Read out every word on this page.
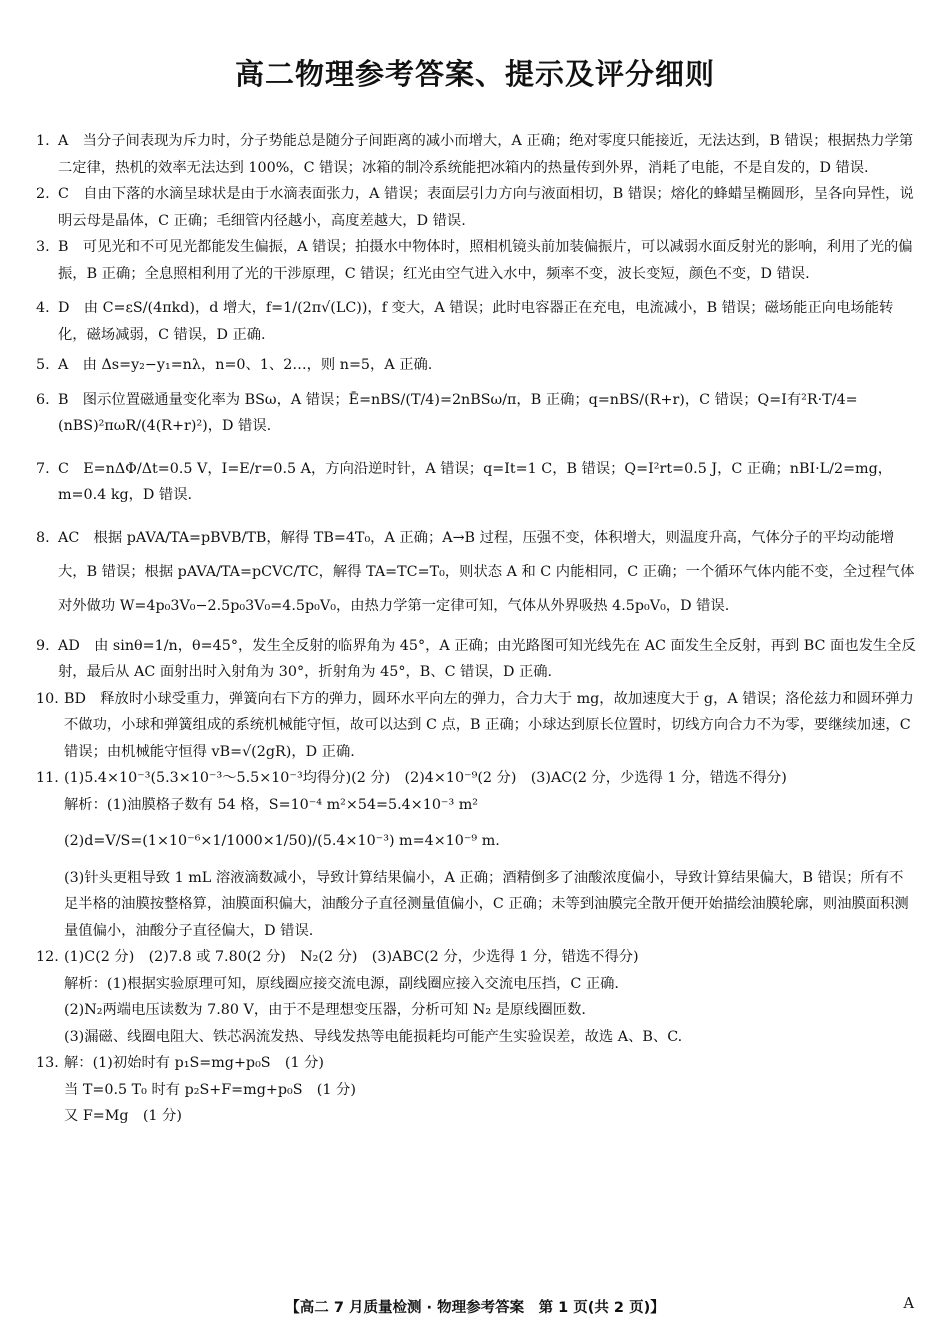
高二物理参考答案、提示及评分细则
1. A　当分子间表现为斥力时，分子势能总是随分子间距离的减小而增大，A 正确；绝对零度只能接近，无法达到，B 错误；根据热力学第二定律，热机的效率无法达到 100%，C 错误；冰箱的制冷系统能把冰箱内的热量传到外界，消耗了电能，不是自发的，D 错误.
2. C　自由下落的水滴呈球状是由于水滴表面张力，A 错误；表面层引力方向与液面相切，B 错误；熔化的蜂蜡呈椭圆形，呈各向异性，说明云母是晶体，C 正确；毛细管内径越小，高度差越大，D 错误.
3. B　可见光和不可见光都能发生偏振，A 错误；拍摄水中物体时，照相机镜头前加装偏振片，可以减弱水面反射光的影响，利用了光的偏振，B 正确；全息照相利用了光的干涉原理，C 错误；红光由空气进入水中，频率不变，波长变短，颜色不变，D 错误.
4. D　由 C=εS/(4πkd)，d 增大，f=1/(2π√(LC))，f 变大，A 错误；此时电容器正在充电，电流减小，B 错误；磁场能正向电场能转化，磁场减弱，C 错误，D 正确.
5. A　由 Δs=y₂−y₁=nλ，n=0、1、2…，则 n=5，A 正确.
6. B　图示位置磁通量变化率为 BSω，A 错误；Ē=nBS/(T/4)=2nBSω/π，B 正确；q=nBS/(R+r)，C 错误；Q=I有²R·T/4=(nBS)²πωR/(4(R+r)²)，D 错误.
7. C　E=nΔΦ/Δt=0.5 V，I=E/r=0.5 A，方向沿逆时针，A 错误；q=It=1 C，B 错误；Q=I²rt=0.5 J，C 正确；nBI·L/2=mg，m=0.4 kg，D 错误.
8. AC　根据 pAVA/TA=pBVB/TB，解得 TB=4T₀，A 正确；A→B 过程，压强不变，体积增大，则温度升高，气体分子的平均动能增大，B 错误；根据 pAVA/TA=pCVC/TC，解得 TA=TC=T₀，则状态 A 和 C 内能相同，C 正确；一个循环气体内能不变，全过程气体对外做功 W=4p₀3V₀−2.5p₀3V₀=4.5p₀V₀，由热力学第一定律可知，气体从外界吸热 4.5p₀V₀，D 错误.
9. AD　由 sinθ=1/n，θ=45°，发生全反射的临界角为 45°，A 正确；由光路图可知光线先在 AC 面发生全反射，再到 BC 面也发生全反射，最后从 AC 面射出时入射角为 30°，折射角为 45°，B、C 错误，D 正确.
10. BD　释放时小球受重力，弹簧向右下方的弹力，圆环水平向左的弹力，合力大于 mg，故加速度大于 g，A 错误；洛伦兹力和圆环弹力不做功，小球和弹簧组成的系统机械能守恒，故可以达到 C 点，B 正确；小球达到原长位置时，切线方向合力不为零，要继续加速，C 错误；由机械能守恒得 vB=√(2gR)，D 正确.
11. (1)5.4×10⁻³(5.3×10⁻³～5.5×10⁻³均得分)(2 分)　(2)4×10⁻⁹(2 分)　(3)AC(2 分，少选得 1 分，错选不得分)
解析：(1)油膜格子数有 54 格，S=10⁻⁴ m²×54=5.4×10⁻³ m²
(2)d=V/S=(1×10⁻⁶×1/1000×1/50)/(5.4×10⁻³) m=4×10⁻⁹ m.
(3)针头更粗导致 1 mL 溶液滴数减小，导致计算结果偏小，A 正确；酒精倒多了油酸浓度偏小，导致计算结果偏大，B 错误；所有不足半格的油膜按整格算，油膜面积偏大，油酸分子直径测量值偏小，C 正确；未等到油膜完全散开便开始描绘油膜轮廓，则油膜面积测量值偏小，油酸分子直径偏大，D 错误.
12. (1)C(2 分)　(2)7.8 或 7.80(2 分)　N₂(2 分)　(3)ABC(2 分，少选得 1 分，错选不得分)
解析：(1)根据实验原理可知，原线圈应接交流电源，副线圈应接入交流电压挡，C 正确.
(2)N₂两端电压读数为 7.80 V，由于不是理想变压器，分析可知 N₂ 是原线圈匝数.
(3)漏磁、线圈电阻大、铁芯涡流发热、导线发热等电能损耗均可能产生实验误差，故选 A、B、C.
13. 解：(1)初始时有 p₁S=mg+p₀S　(1 分)
当 T=0.5 T₀ 时有 p₂S+F=mg+p₀S　(1 分)
又 F=Mg　(1 分)
【高二 7 月质量检测 · 物理参考答案　第 1 页(共 2 页)】	A
